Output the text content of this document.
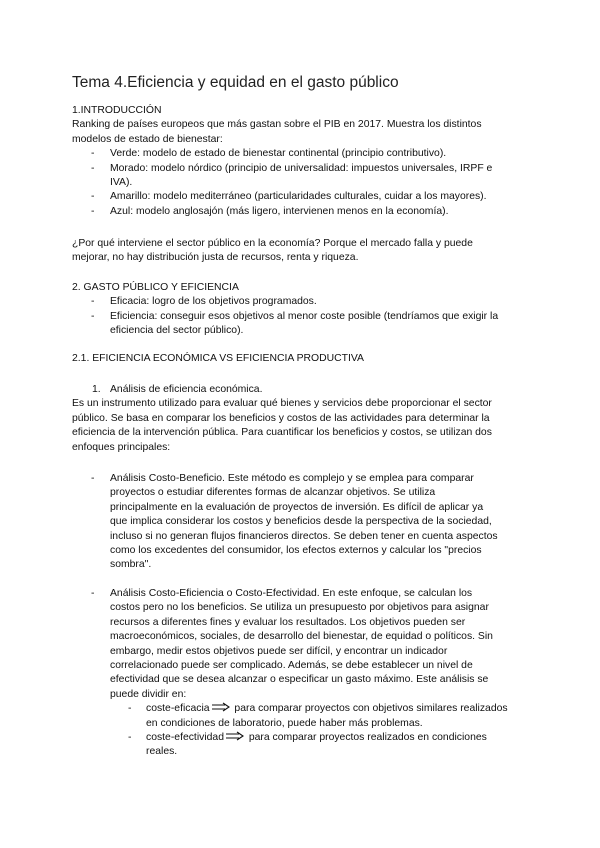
Tema 4.Eficiencia y equidad en el gasto público
1.INTRODUCCIÓN
Ranking de países europeos que más gastan sobre el PIB en 2017. Muestra los distintos
modelos de estado de bienestar:
- Verde: modelo de estado de bienestar continental (principio contributivo).
- Morado: modelo nórdico (principio de universalidad: impuestos universales, IRPF e
IVA).
- Amarillo: modelo mediterráneo (particularidades culturales, cuidar a los mayores).
- Azul: modelo anglosajón (más ligero, intervienen menos en la economía).
¿Por qué interviene el sector público en la economía? Porque el mercado falla y puede
mejorar, no hay distribución justa de recursos, renta y riqueza.
2. GASTO PÚBLICO Y EFICIENCIA
- Eficacia: logro de los objetivos programados.
- Eficiencia: conseguir esos objetivos al menor coste posible (tendríamos que exigir la
eficiencia del sector público).
2.1. EFICIENCIA ECONÓMICA VS EFICIENCIA PRODUCTIVA
1. Análisis de eficiencia económica.
Es un instrumento utilizado para evaluar qué bienes y servicios debe proporcionar el sector
público. Se basa en comparar los beneficios y costos de las actividades para determinar la
eficiencia de la intervención pública. Para cuantificar los beneficios y costos, se utilizan dos
enfoques principales:
- Análisis Costo-Beneficio. Este método es complejo y se emplea para comparar
proyectos o estudiar diferentes formas de alcanzar objetivos. Se utiliza
principalmente en la evaluación de proyectos de inversión. Es difícil de aplicar ya
que implica considerar los costos y beneficios desde la perspectiva de la sociedad,
incluso si no generan flujos financieros directos. Se deben tener en cuenta aspectos
como los excedentes del consumidor, los efectos externos y calcular los "precios
sombra".
- Análisis Costo-Eficiencia o Costo-Efectividad. En este enfoque, se calculan los
costos pero no los beneficios. Se utiliza un presupuesto por objetivos para asignar
recursos a diferentes fines y evaluar los resultados. Los objetivos pueden ser
macroeconómicos, sociales, de desarrollo del bienestar, de equidad o políticos. Sin
embargo, medir estos objetivos puede ser difícil, y encontrar un indicador
correlacionado puede ser complicado. Además, se debe establecer un nivel de
efectividad que se desea alcanzar o especificar un gasto máximo. Este análisis se
puede dividir en:
- coste-eficacia para comparar proyectos con objetivos similares realizados
en condiciones de laboratorio, puede haber más problemas.
- coste-efectividad para comparar proyectos realizados en condiciones
reales.
